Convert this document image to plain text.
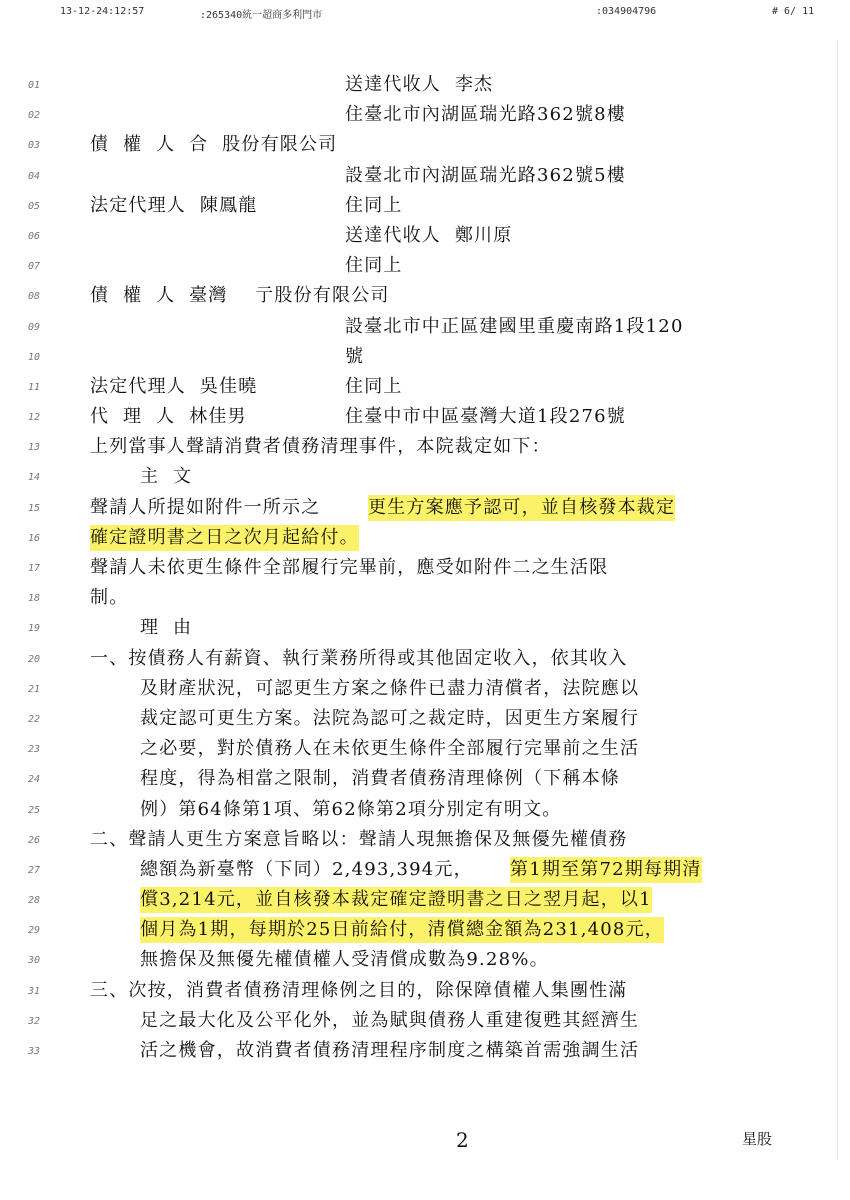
13-12-24:12:57	:265340統一超商多利門市	:034904796	# 6/ 11
01	送達代收人  李杰
02	住臺北市內湖區瑞光路362號8樓
03	債  權  人  合  股份有限公司
04	設臺北市內湖區瑞光路362號5樓
05	法定代理人  陳鳳龍	住同上
06	送達代收人  鄭川原
07	住同上
08	債  權  人  臺灣    亍股份有限公司
09	設臺北市中正區建國里重慶南路1段120
10	號
11	法定代理人  吳佳曉	住同上
12	代  理  人  林佳男	住臺中市中區臺灣大道1段276號
13	上列當事人聲請消費者債務清理事件，本院裁定如下：
14	主  文
15	聲請人所提如附件一所示之	更生方案應予認可，並自核發本裁定
16	確定證明書之日之次月起給付。
17	聲請人未依更生條件全部履行完畢前，應受如附件二之生活限
18	制。
19	理  由
20	一、按債務人有薪資、執行業務所得或其他固定收入，依其收入
21	及財產狀況，可認更生方案之條件已盡力清償者，法院應以
22	裁定認可更生方案。法院為認可之裁定時，因更生方案履行
23	之必要，對於債務人在未依更生條件全部履行完畢前之生活
24	程度，得為相當之限制，消費者債務清理條例（下稱本條
25	例）第64條第1項、第62條第2項分別定有明文。
26	二、聲請人更生方案意旨略以：聲請人現無擔保及無優先權債務
27	總額為新臺幣（下同）2,493,394元， 第1期至第72期每期清
28	償3,214元，並自核發本裁定確定證明書之日之翌月起，以1
29	個月為1期，每期於25日前給付，清償總金額為231,408元，
30	無擔保及無優先權債權人受清償成數為9.28%。
31	三、次按，消費者債務清理條例之目的，除保障債權人集團性滿
32	足之最大化及公平化外，並為賦與債務人重建復甦其經濟生
33	活之機會，故消費者債務清理程序制度之構築首需強調生活
2	星股
